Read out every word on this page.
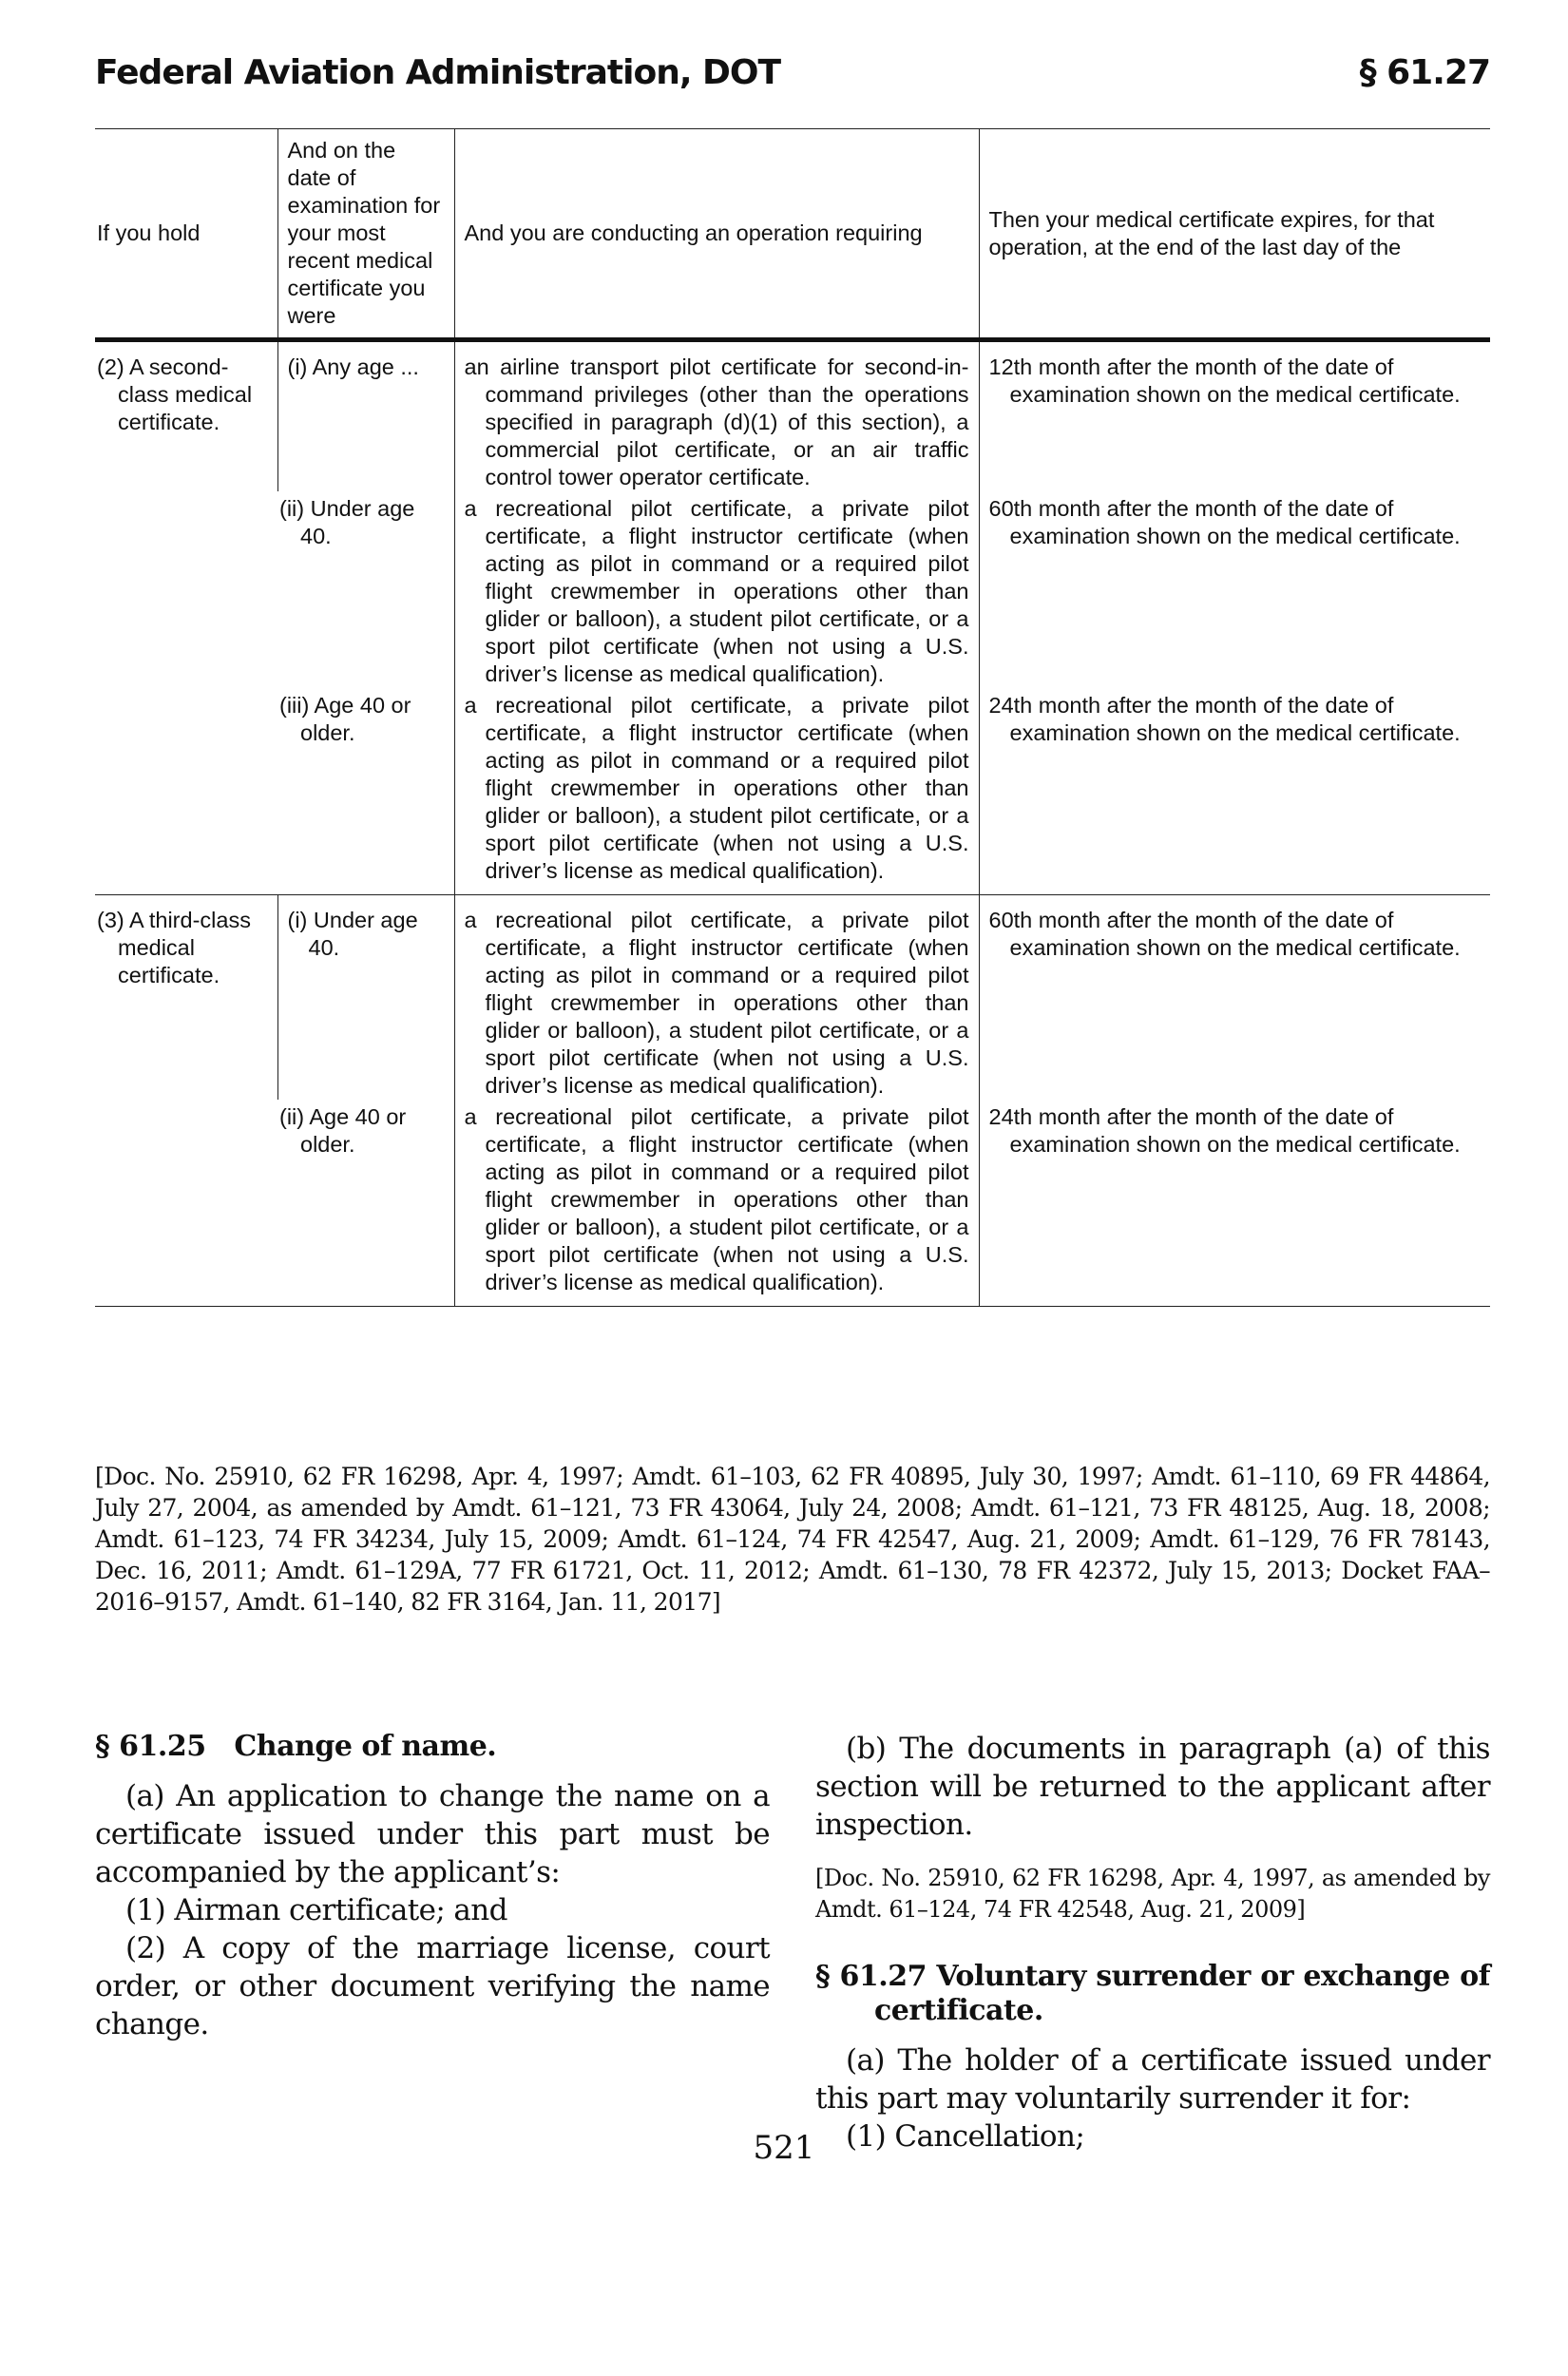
Federal Aviation Administration, DOT	§ 61.27
If you hold	And on the date of examination for your most recent medical certificate you were	And you are conducting an operation requiring	Then your medical certificate expires, for that operation, at the end of the last day of the

(2) A second-class medical certificate.	(i) Any age ...	an airline transport pilot certificate for second-in-command privileges (other than the operations specified in paragraph (d)(1) of this section), a commercial pilot certificate, or an air traffic control tower operator certificate.	12th month after the month of the date of examination shown on the medical certificate.

	(ii) Under age 40.	a recreational pilot certificate, a private pilot certificate, a flight instructor certificate (when acting as pilot in command or a required pilot flight crewmember in operations other than glider or balloon), a student pilot certificate, or a sport pilot certificate (when not using a U.S. driver’s license as medical qualification).	60th month after the month of the date of examination shown on the medical certificate.

	(iii) Age 40 or older.	a recreational pilot certificate, a private pilot certificate, a flight instructor certificate (when acting as pilot in command or a required pilot flight crewmember in operations other than glider or balloon), a student pilot certificate, or a sport pilot certificate (when not using a U.S. driver’s license as medical qualification).	24th month after the month of the date of examination shown on the medical certificate.

(3) A third-class medical certificate.	(i) Under age 40.	a recreational pilot certificate, a private pilot certificate, a flight instructor certificate (when acting as pilot in command or a required pilot flight crewmember in operations other than glider or balloon), a student pilot certificate, or a sport pilot certificate (when not using a U.S. driver’s license as medical qualification).	60th month after the month of the date of examination shown on the medical certificate.

	(ii) Age 40 or older.	a recreational pilot certificate, a private pilot certificate, a flight instructor certificate (when acting as pilot in command or a required pilot flight crewmember in operations other than glider or balloon), a student pilot certificate, or a sport pilot certificate (when not using a U.S. driver’s license as medical qualification).	24th month after the month of the date of examination shown on the medical certificate.
[Doc. No. 25910, 62 FR 16298, Apr. 4, 1997; Amdt. 61–103, 62 FR 40895, July 30, 1997; Amdt. 61–110, 69 FR 44864, July 27, 2004, as amended by Amdt. 61–121, 73 FR 43064, July 24, 2008; Amdt. 61–121, 73 FR 48125, Aug. 18, 2008; Amdt. 61–123, 74 FR 34234, July 15, 2009; Amdt. 61–124, 74 FR 42547, Aug. 21, 2009; Amdt. 61–129, 76 FR 78143, Dec. 16, 2011; Amdt. 61–129A, 77 FR 61721, Oct. 11, 2012; Amdt. 61–130, 78 FR 42372, July 15, 2013; Docket FAA–2016–9157, Amdt. 61–140, 82 FR 3164, Jan. 11, 2017]
§ 61.25   Change of name.

(a) An application to change the name on a certificate issued under this part must be accompanied by the applicant’s:

(1) Airman certificate; and

(2) A copy of the marriage license, court order, or other document verifying the name change.

(b) The documents in paragraph (a) of this section will be returned to the applicant after inspection.

[Doc. No. 25910, 62 FR 16298, Apr. 4, 1997, as amended by Amdt. 61–124, 74 FR 42548, Aug. 21, 2009]
§ 61.27 Voluntary surrender or exchange of certificate.

(a) The holder of a certificate issued under this part may voluntarily surrender it for:

(1) Cancellation;

521
